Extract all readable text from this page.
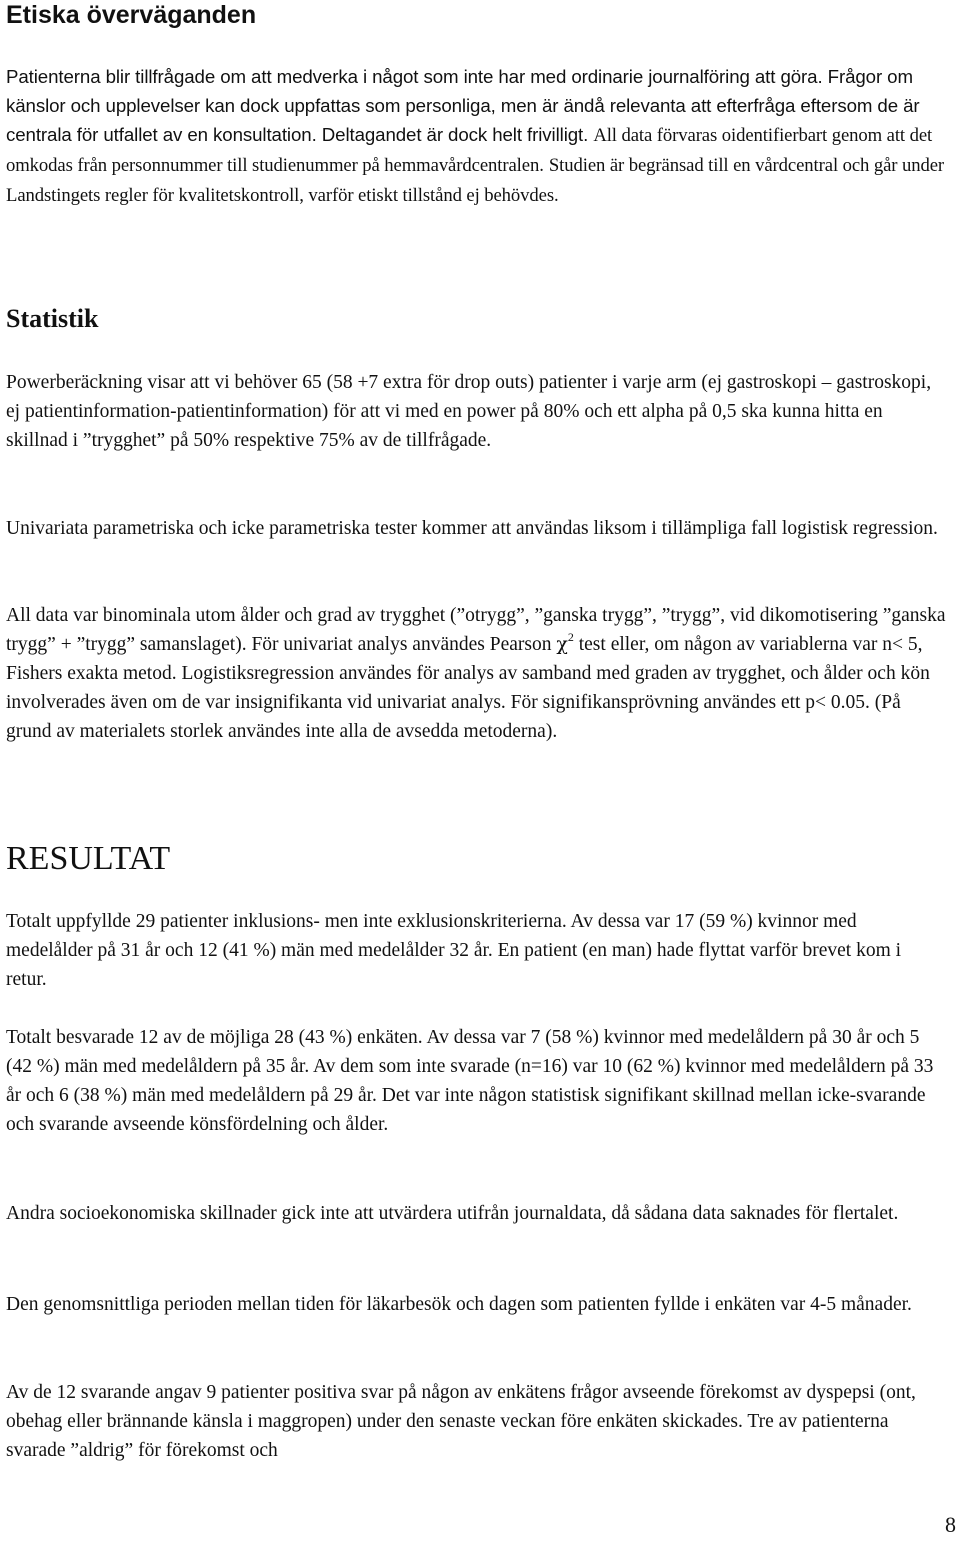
Etiska överväganden

Patienterna blir tillfrågade om att medverka i något som inte har med ordinarie journalföring att göra. Frågor om känslor och upplevelser kan dock uppfattas som personliga, men är ändå relevanta att efterfråga eftersom de är centrala för utfallet av en konsultation. Deltagandet är dock helt frivilligt. All data förvaras oidentifierbart genom att det omkodas från personnummer till studienummer på hemmavårdcentralen. Studien är begränsad till en vårdcentral och går under Landstingets regler för kvalitetskontroll, varför etiskt tillstånd ej behövdes.

Statistik

Powerberäckning visar att vi behöver 65 (58 +7 extra för drop outs) patienter i varje arm (ej gastroskopi – gastroskopi, ej patientinformation-patientinformation) för att vi med en power på 80% och ett alpha på 0,5 ska kunna hitta en skillnad i ”trygghet” på 50% respektive 75% av de tillfrågade.

Univariata parametriska och icke parametriska tester kommer att användas liksom i tillämpliga fall logistisk regression.

All data var binominala utom ålder och grad av trygghet (”otrygg”, ”ganska trygg”, ”trygg”, vid dikomotisering ”ganska trygg” + ”trygg” samanslaget). För univariat analys användes Pearson $\chi^2$ test eller, om någon av variablerna var n< 5, Fishers exakta metod. Logistiksregression användes för analys av samband med graden av trygghet, och ålder och kön involverades även om de var insignifikanta vid univariat analys. För signifikansprövning användes ett p< 0.05. (På grund av materialets storlek användes inte alla de avsedda metoderna).

RESULTAT

Totalt uppfyllde 29 patienter inklusions- men inte exklusionskriterierna. Av dessa var 17 (59 %) kvinnor med medelålder på 31 år och 12 (41 %) män med medelålder 32 år. En patient (en man) hade flyttat varför brevet kom i retur.

Totalt besvarade 12 av de möjliga 28 (43 %) enkäten. Av dessa var 7 (58 %) kvinnor med medelåldern på 30 år och 5 (42 %) män med medelåldern på 35 år. Av dem som inte svarade (n=16) var 10 (62 %) kvinnor med medelåldern på 33 år och 6 (38 %) män med medelåldern på 29 år. Det var inte någon statistisk signifikant skillnad mellan icke-svarande och svarande avseende könsfördelning och ålder.

Andra socioekonomiska skillnader gick inte att utvärdera utifrån journaldata, då sådana data saknades för flertalet.

Den genomsnittliga perioden mellan tiden för läkarbesök och dagen som patienten fyllde i enkäten var 4-5 månader.

Av de 12 svarande angav 9 patienter positiva svar på någon av enkätens frågor avseende förekomst av dyspepsi (ont, obehag eller brännande känsla i maggropen) under den senaste veckan före enkäten skickades. Tre av patienterna svarade ”aldrig” för förekomst och

8
